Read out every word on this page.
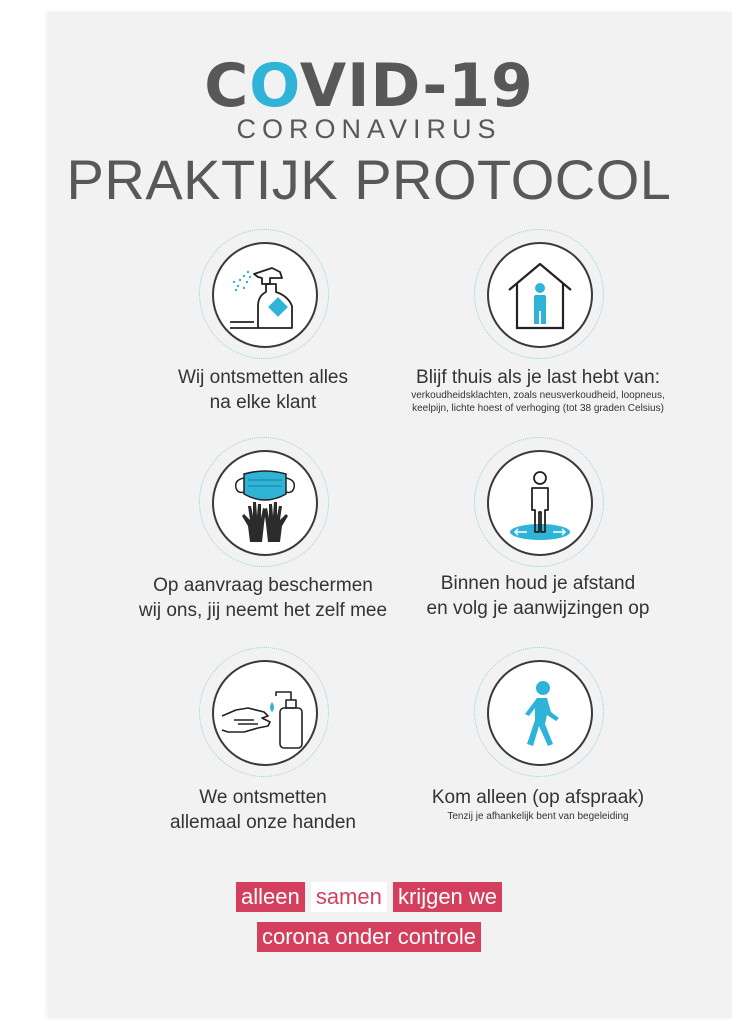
COVID-19
CORONAVIRUS
PRAKTIJK PROTOCOL
Wij ontsmetten alles
na elke klant
Blijf thuis als je last hebt van:
verkoudheidsklachten, zoals neusverkoudheid, loopneus,
keelpijn, lichte hoest of verhoging (tot 38 graden Celsius)
Op aanvraag beschermen
wij ons, jij neemt het zelf mee
Binnen houd je afstand
en volg je aanwijzingen op
We ontsmetten
allemaal onze handen
Kom alleen (op afspraak)
Tenzij je afhankelijk bent van begeleiding
alleen samen krijgen we
corona onder controle
